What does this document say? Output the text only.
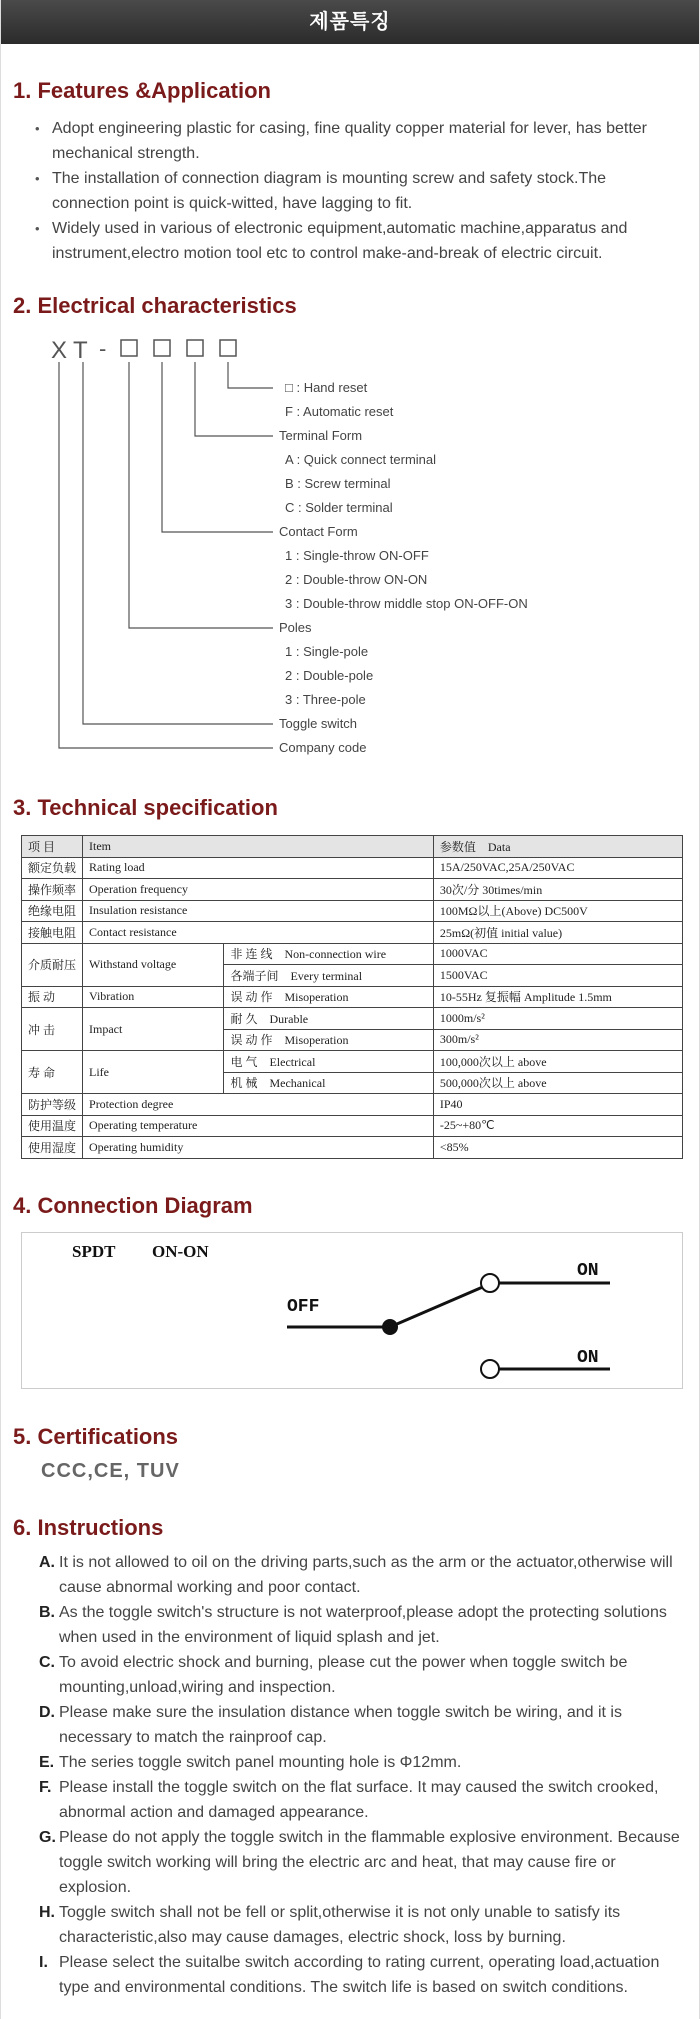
제품특징
1. Features &Application
• Adopt engineering plastic for casing, fine quality copper material for lever, has better mechanical strength.
• The installation of connection diagram is mounting screw and safety stock.The connection point is quick-witted, have lagging to fit.
• Widely used in various of electronic equipment,automatic machine,apparatus and instrument,electro motion tool etc to control make-and-break of electric circuit.
2. Electrical characteristics
X T -
□ : Hand reset
F : Automatic reset
Terminal Form
A : Quick connect terminal
B : Screw terminal
C : Solder terminal
Contact Form
1 : Single-throw ON-OFF
2 : Double-throw ON-ON
3 : Double-throw middle stop ON-OFF-ON
Poles
1 : Single-pole
2 : Double-pole
3 : Three-pole
Toggle switch
Company code
3. Technical specification
项 目	Item		参数值 Data
额定负载	Rating load		15A/250VAC,25A/250VAC
操作频率	Operation frequency		30次/分 30times/min
绝缘电阻	Insulation resistance		100MΩ以上(Above) DC500V
接触电阻	Contact resistance		25mΩ(初值 initial value)
介质耐压	Withstand voltage	非 连 线 Non-connection wire	1000VAC
		各端子间 Every terminal	1500VAC
振 动	Vibration	误 动 作 Misoperation	10-55Hz 复振幅 Amplitude 1.5mm
冲 击	Impact	耐 久 Durable	1000m/s²
		误 动 作 Misoperation	300m/s²
寿 命	Life	电 气 Electrical	100,000次以上 above
		机 械 Mechanical	500,000次以上 above
防护等级	Protection degree		IP40
使用温度	Operating temperature		-25~+80℃
使用湿度	Operating humidity		<85%
4. Connection Diagram
SPDT ON-ON
OFF
ON
ON
5. Certifications
CCC,CE, TUV
6. Instructions
A. It is not allowed to oil on the driving parts,such as the arm or the actuator,otherwise will cause abnormal working and poor contact.
B. As the toggle switch's structure is not waterproof,please adopt the protecting solutions when used in the environment of liquid splash and jet.
C. To avoid electric shock and burning, please cut the power when toggle switch be mounting,unload,wiring and inspection.
D. Please make sure the insulation distance when toggle switch be wiring, and it is necessary to match the rainproof cap.
E. The series toggle switch panel mounting hole is Φ12mm.
F. Please install the toggle switch on the flat surface. It may caused the switch crooked, abnormal action and damaged appearance.
G. Please do not apply the toggle switch in the flammable explosive environment. Because toggle switch working will bring the electric arc and heat, that may cause fire or explosion.
H. Toggle switch shall not be fell or split,otherwise it is not only unable to satisfy its characteristic,also may cause damages, electric shock, loss by burning.
I. Please select the suitalbe switch according to rating current, operating load,actuation type and environmental conditions. The switch life is based on switch conditions.
